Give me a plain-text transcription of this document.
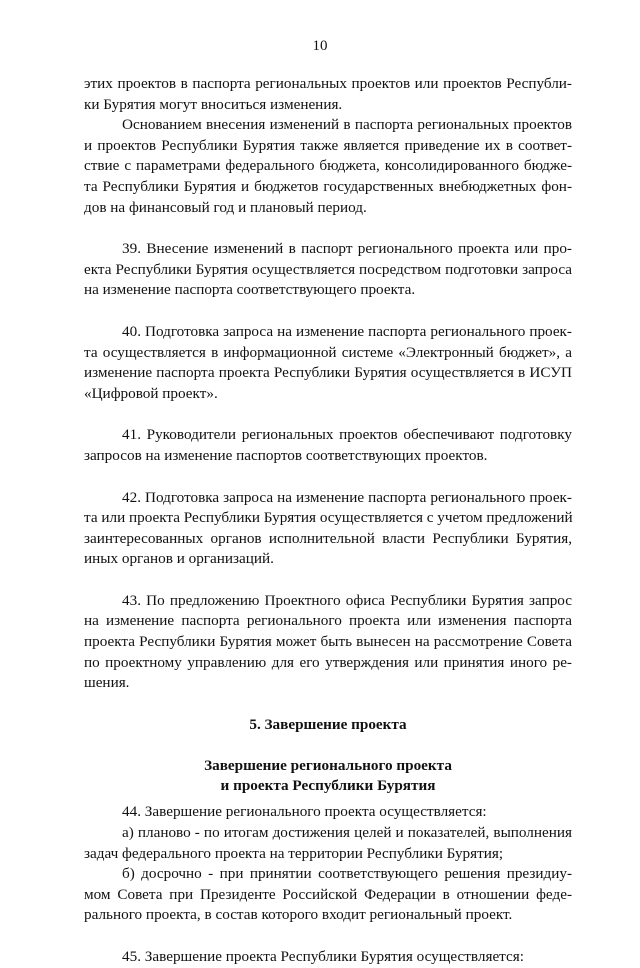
10

этих проектов в паспорта региональных проектов или проектов Республи-
ки Бурятия могут вноситься изменения.

Основанием внесения изменений в паспорта региональных проектов
и проектов Республики Бурятия также является приведение их в соответ-
ствие с параметрами федерального бюджета, консолидированного бюдже-
та Республики Бурятия и бюджетов государственных внебюджетных фон-
дов на финансовый год и плановый период.

39. Внесение изменений в паспорт регионального проекта или про-
екта Республики Бурятия осуществляется посредством подготовки запроса
на изменение паспорта соответствующего проекта.

40. Подготовка запроса на изменение паспорта регионального проек-
та осуществляется в информационной системе «Электронный бюджет», а
изменение паспорта проекта Республики Бурятия осуществляется в ИСУП
«Цифровой проект».

41. Руководители региональных проектов обеспечивают подготовку
запросов на изменение паспортов соответствующих проектов.

42. Подготовка запроса на изменение паспорта регионального проек-
та или проекта Республики Бурятия осуществляется с учетом предложений
заинтересованных органов исполнительной власти Республики Бурятия,
иных органов и организаций.

43. По предложению Проектного офиса Республики Бурятия запрос
на изменение паспорта регионального проекта или изменения паспорта
проекта Республики Бурятия может быть вынесен на рассмотрение Совета
по проектному управлению для его утверждения или принятия иного ре-
шения.

5. Завершение проекта

Завершение регионального проекта

и проекта Республики Бурятия

44. Завершение регионального проекта осуществляется:

а) планово - по итогам достижения целей и показателей, выполнения
задач федерального проекта на территории Республики Бурятия;

б) досрочно - при принятии соответствующего решения президиу-
мом Совета при Президенте Российской Федерации в отношении феде-
рального проекта, в состав которого входит региональный проект.

45. Завершение проекта Республики Бурятия осуществляется:
